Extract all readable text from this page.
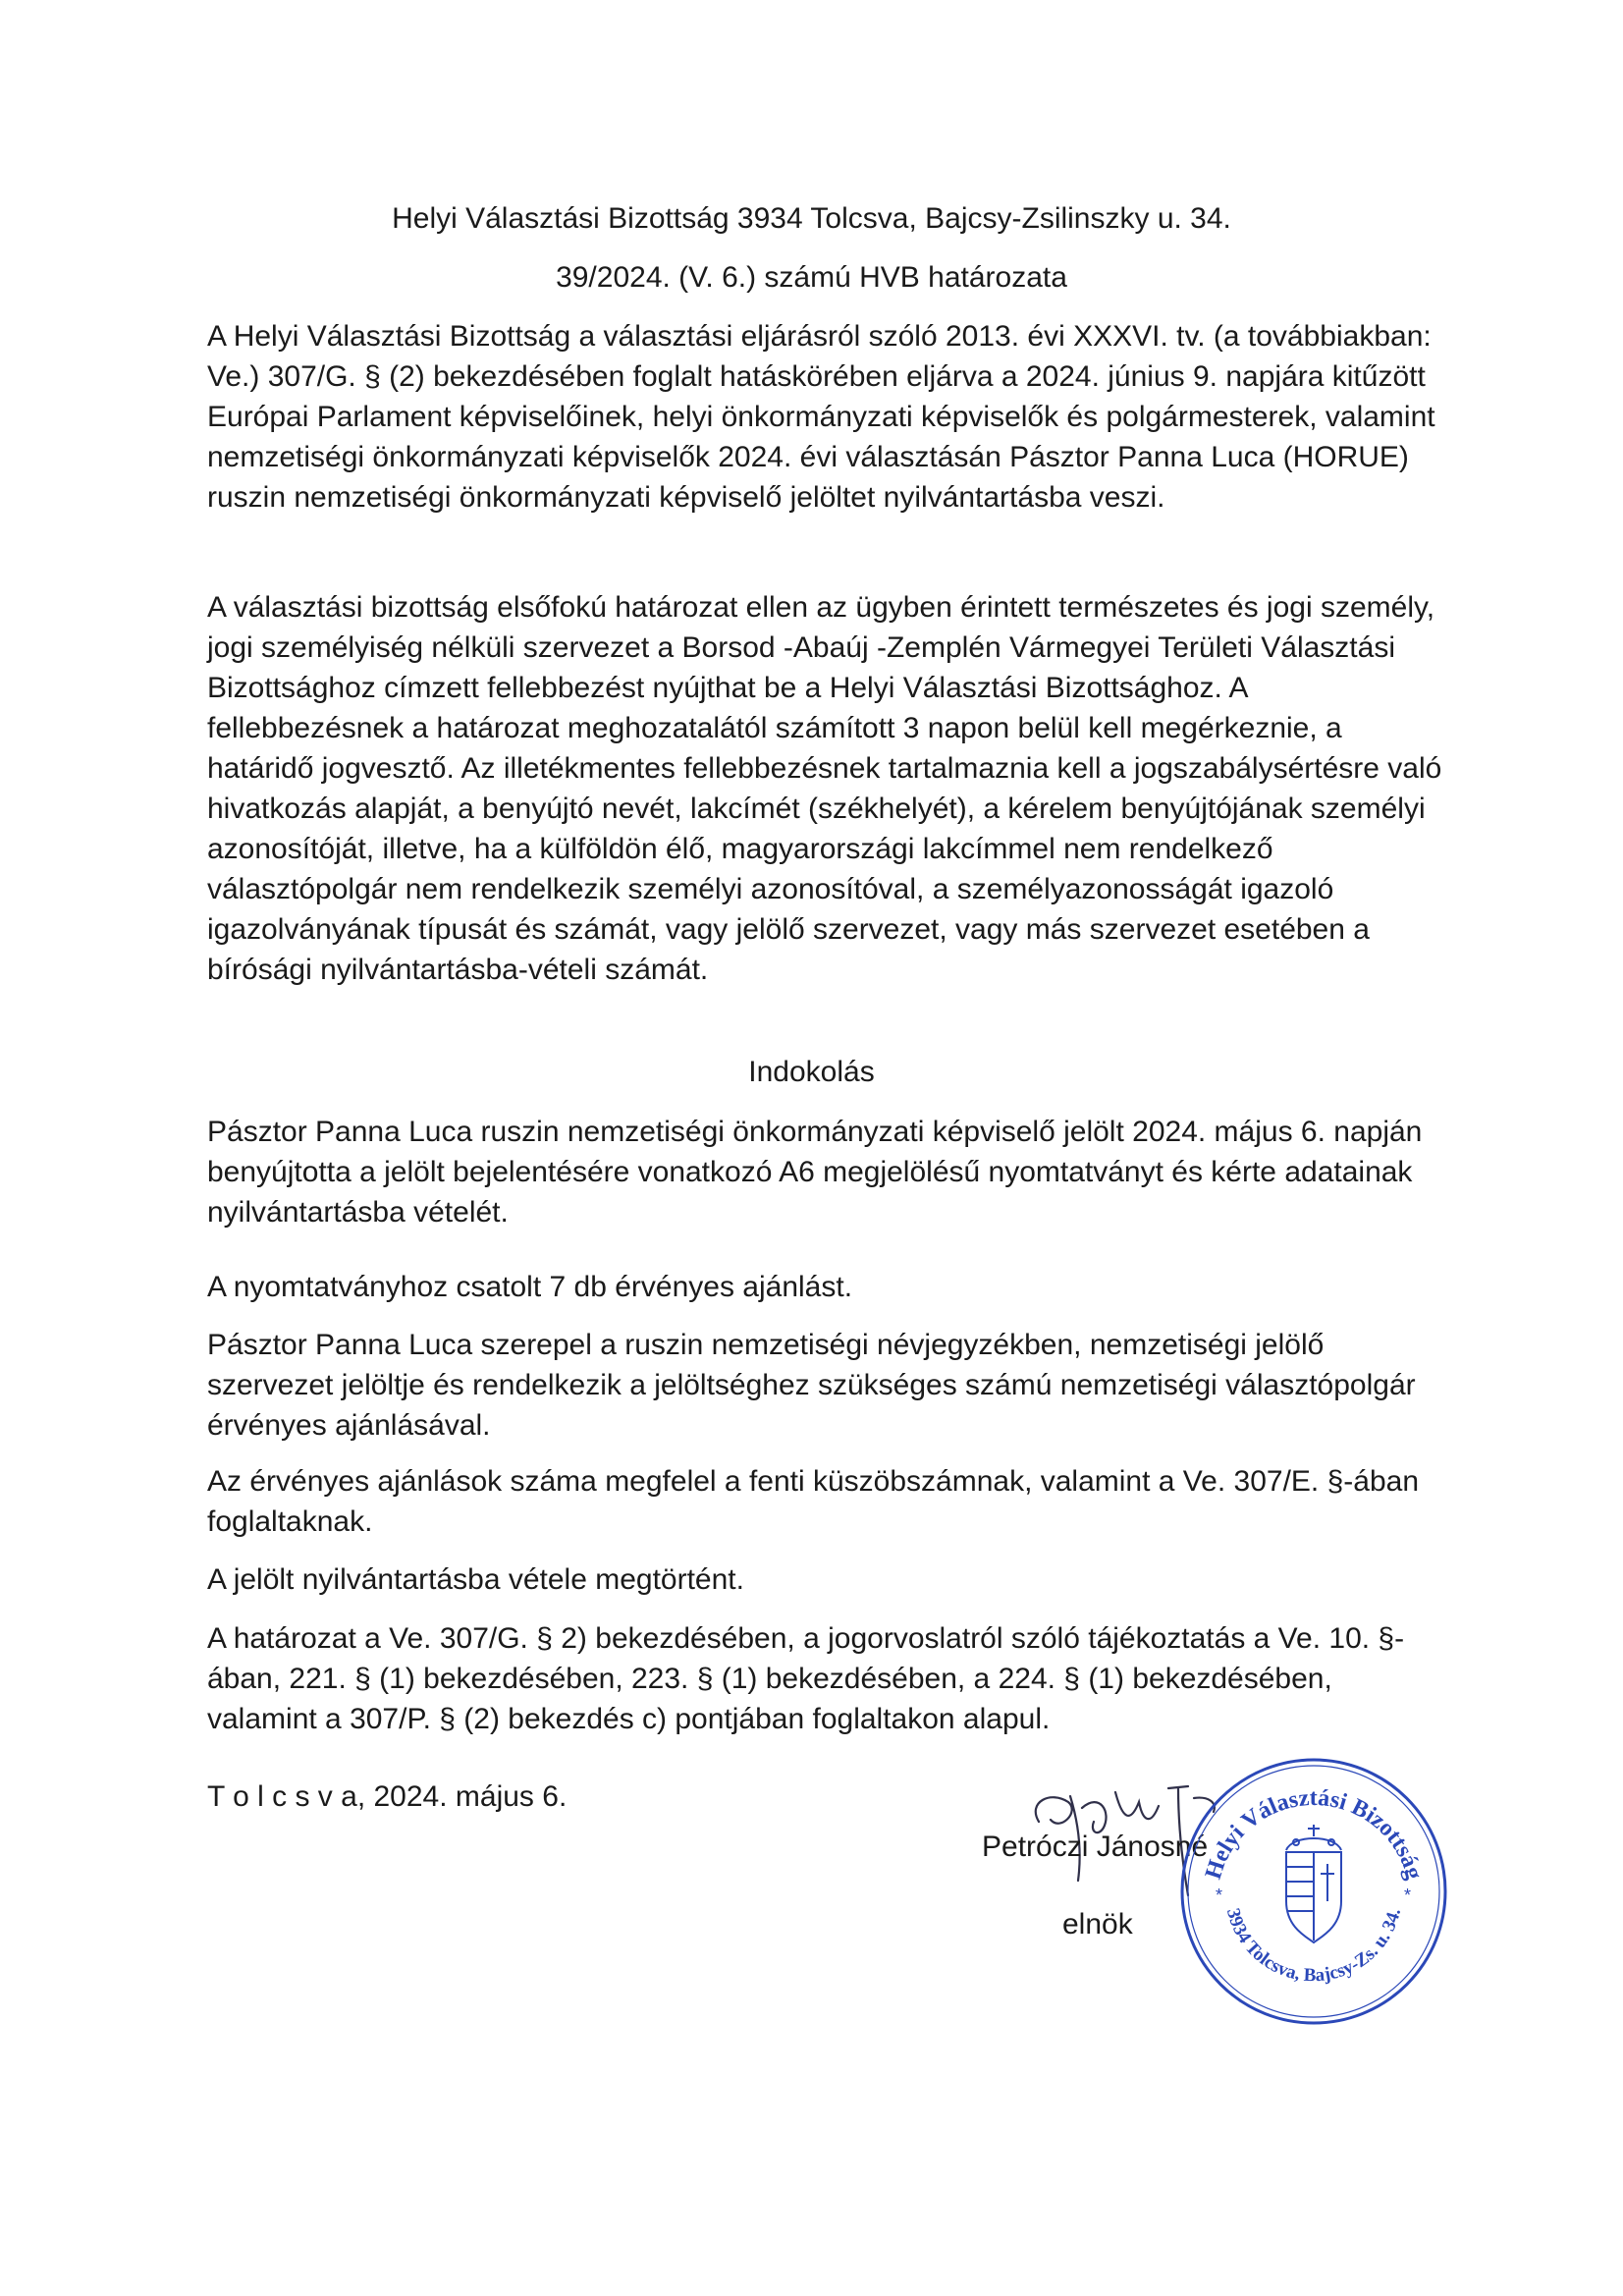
Helyi Választási Bizottság 3934 Tolcsva, Bajcsy-Zsilinszky u. 34.
39/2024. (V. 6.) számú HVB határozata

A Helyi Választási Bizottság a választási eljárásról szóló 2013. évi XXXVI. tv. (a továbbiakban: Ve.) 307/G. § (2) bekezdésében foglalt hatáskörében eljárva a 2024. június 9. napjára kitűzött Európai Parlament képviselőinek, helyi önkormányzati képviselők és polgármesterek, valamint nemzetiségi önkormányzati képviselők 2024. évi választásán Pásztor Panna Luca (HORUE) ruszin nemzetiségi önkormányzati képviselő jelöltet nyilvántartásba veszi.

A választási bizottság elsőfokú határozat ellen az ügyben érintett természetes és jogi személy, jogi személyiség nélküli szervezet a Borsod -Abaúj -Zemplén Vármegyei Területi Választási Bizottsághoz címzett fellebbezést nyújthat be a Helyi Választási Bizottsághoz. A fellebbezésnek a határozat meghozatalától számított 3 napon belül kell megérkeznie, a határidő jogvesztő. Az illetékmentes fellebbezésnek tartalmaznia kell a jogszabálysértésre való hivatkozás alapját, a benyújtó nevét, lakcímét (székhelyét), a kérelem benyújtójának személyi azonosítóját, illetve, ha a külföldön élő, magyarországi lakcímmel nem rendelkező választópolgár nem rendelkezik személyi azonosítóval, a személyazonosságát igazoló igazolványának típusát és számát, vagy jelölő szervezet, vagy más szervezet esetében a bírósági nyilvántartásba-vételi számát.

Indokolás

Pásztor Panna Luca ruszin nemzetiségi önkormányzati képviselő jelölt 2024. május 6. napján benyújtotta a jelölt bejelentésére vonatkozó A6 megjelölésű nyomtatványt és kérte adatainak nyilvántartásba vételét.

A nyomtatványhoz csatolt 7 db érvényes ajánlást.

Pásztor Panna Luca szerepel a ruszin nemzetiségi névjegyzékben, nemzetiségi jelölő szervezet jelöltje és rendelkezik a jelöltséghez szükséges számú nemzetiségi választópolgár érvényes ajánlásával.

Az érvényes ajánlások száma megfelel a fenti küszöbszámnak, valamint a Ve. 307/E. §-ában foglaltaknak.

A jelölt nyilvántartásba vétele megtörtént.

A határozat a Ve. 307/G. § 2) bekezdésében, a jogorvoslatról szóló tájékoztatás a Ve. 10. §-ában, 221. § (1) bekezdésében, 223. § (1) bekezdésében, a 224. § (1) bekezdésében, valamint a 307/P. § (2) bekezdés c) pontjában foglaltakon alapul.

T o l c s v a, 2024. május 6.
Petróczi Jánosné
elnök
Helyi Választási Bizottság
3934 Tolcsva, Bajcsy-Zs. u. 34.
*	*
